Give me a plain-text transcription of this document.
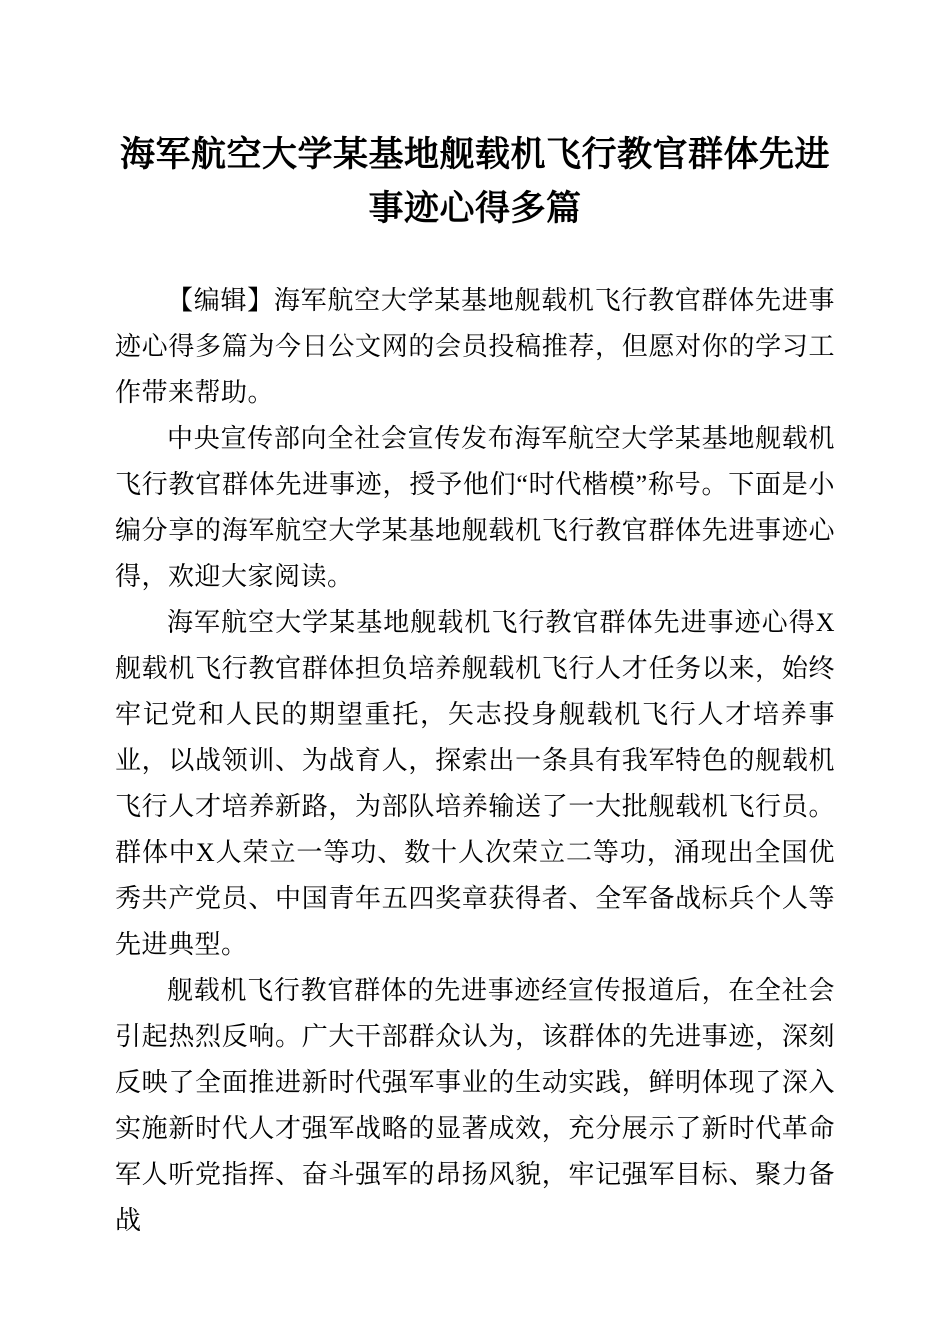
海军航空大学某基地舰载机飞行教官群体先进事迹心得多篇

【编辑】海军航空大学某基地舰载机飞行教官群体先进事迹心得多篇为今日公文网的会员投稿推荐，但愿对你的学习工作带来帮助。

中央宣传部向全社会宣传发布海军航空大学某基地舰载机飞行教官群体先进事迹，授予他们“时代楷模”称号。下面是小编分享的海军航空大学某基地舰载机飞行教官群体先进事迹心得，欢迎大家阅读。

海军航空大学某基地舰载机飞行教官群体先进事迹心得X舰载机飞行教官群体担负培养舰载机飞行人才任务以来，始终牢记党和人民的期望重托，矢志投身舰载机飞行人才培养事业，以战领训、为战育人，探索出一条具有我军特色的舰载机飞行人才培养新路，为部队培养输送了一大批舰载机飞行员。群体中X人荣立一等功、数十人次荣立二等功，涌现出全国优秀共产党员、中国青年五四奖章获得者、全军备战标兵个人等先进典型。

舰载机飞行教官群体的先进事迹经宣传报道后，在全社会引起热烈反响。广大干部群众认为，该群体的先进事迹，深刻反映了全面推进新时代强军事业的生动实践，鲜明体现了深入实施新时代人才强军战略的显著成效，充分展示了新时代革命军人听党指挥、奋斗强军的昂扬风貌，牢记强军目标、聚力备战
